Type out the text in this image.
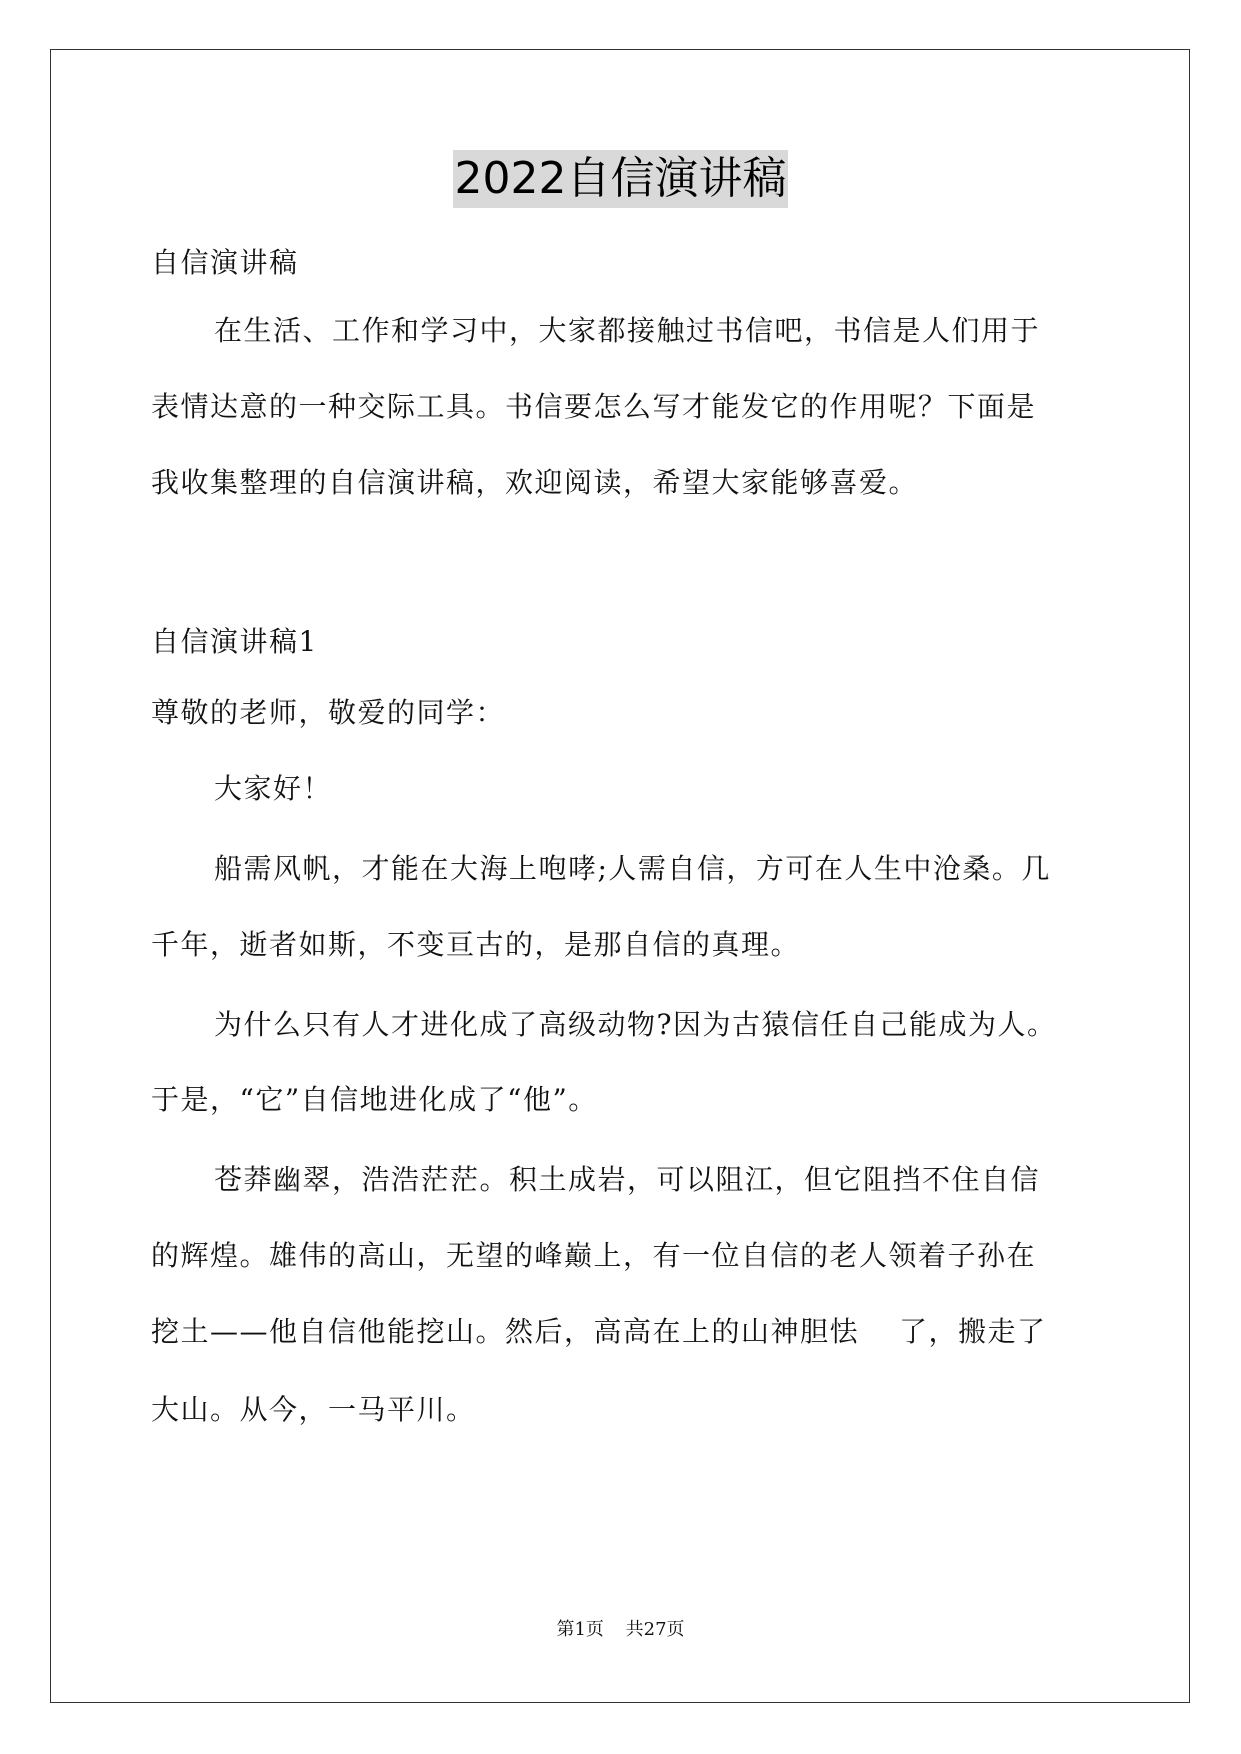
2022自信演讲稿
自信演讲稿
在生活、工作和学习中，大家都接触过书信吧，书信是人们用于
表情达意的一种交际工具。书信要怎么写才能发它的作用呢？下面是
我收集整理的自信演讲稿，欢迎阅读，希望大家能够喜爱。
自信演讲稿1
尊敬的老师，敬爱的同学：
大家好！
船需风帆，才能在大海上咆哮;人需自信，方可在人生中沧桑。几
千年，逝者如斯，不变亘古的，是那自信的真理。
为什么只有人才进化成了高级动物?因为古猿信任自己能成为人。
于是，“它”自信地进化成了“他”。
苍莽幽翠，浩浩茫茫。积土成岩，可以阻江，但它阻挡不住自信
的辉煌。雄伟的高山，无望的峰巅上，有一位自信的老人领着子孙在
挖土——他自信他能挖山。然后，高高在上的山神胆怯 了，搬走了
大山。从今，一马平川。
第1页 共27页
